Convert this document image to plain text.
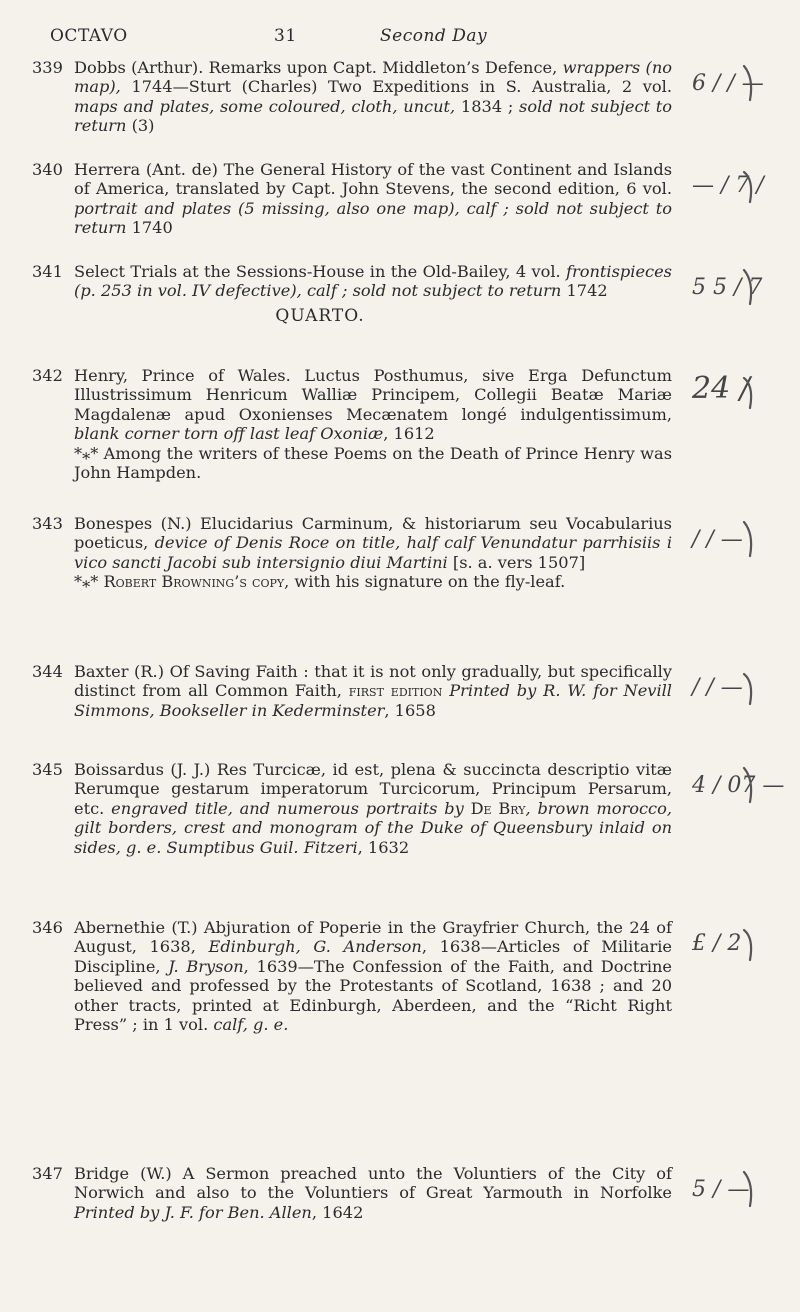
OCTAVO	31	Second Day
QUARTO.
339 Dobbs (Arthur). Remarks upon Capt. Middleton’s Defence, wrappers (no map), 1744—Sturt (Charles) Two Expeditions in S. Australia, 2 vol. maps and plates, some coloured, cloth, uncut, 1834 ; sold not subject to return (3)

340 Herrera (Ant. de) The General History of the vast Continent and Islands of America, translated by Capt. John Stevens, the second edition, 6 vol. portrait and plates (5 missing, also one map), calf ; sold not subject to return 1740

341 Select Trials at the Sessions-House in the Old-Bailey, 4 vol. frontispieces (p. 253 in vol. IV defective), calf ; sold not subject to return 1742

342 Henry, Prince of Wales. Luctus Posthumus, sive Erga Defunctum Illustrissimum Henricum Walliæ Principem, Collegii Beatæ Mariæ Magdalenæ apud Oxonienses Mecænatem longé indulgentissimum, blank corner torn off last leaf Oxoniæ, 1612

*⁎* Among the writers of these Poems on the Death of Prince Henry was John Hampden.

343 Bonespes (N.) Elucidarius Carminum, & historiarum seu Vocabularius poeticus, device of Denis Roce on title, half calf Venundatur parrhisiis i vico sancti Jacobi sub intersignio diui Martini [s. a. vers 1507]

*⁎* Robert Browning’s copy, with his signature on the fly-leaf.

344 Baxter (R.) Of Saving Faith : that it is not only gradually, but specifically distinct from all Common Faith, first edition Printed by R. W. for Nevill Simmons, Bookseller in Kederminster, 1658

345 Boissardus (J. J.) Res Turcicæ, id est, plena & succincta descriptio vitæ Rerumque gestarum imperatorum Turcicorum, Principum Persarum, etc. engraved title, and numerous portraits by De Bry, brown morocco, gilt borders, crest and monogram of the Duke of Queensbury inlaid on sides, g. e. Sumptibus Guil. Fitzeri, 1632

346 Abernethie (T.) Abjuration of Poperie in the Grayfrier Church, the 24 of August, 1638, Edinburgh, G. Anderson, 1638—Articles of Militarie Discipline, J. Bryson, 1639—The Confession of the Faith, and Doctrine believed and professed by the Protestants of Scotland, 1638 ; and 20 other tracts, printed at Edinburgh, Aberdeen, and the “Richt Right Press” ; in 1 vol. calf, g. e.

347 Bridge (W.) A Sermon preached unto the Voluntiers of the City of Norwich and also to the Voluntiers of Great Yarmouth in Norfolke Printed by J. F. for Ben. Allen, 1642

6 / / —
— / 7 /
5 5 / 7
24 /
/ / —
/ / —
4 / 07 —
£ / 2
5 / —
